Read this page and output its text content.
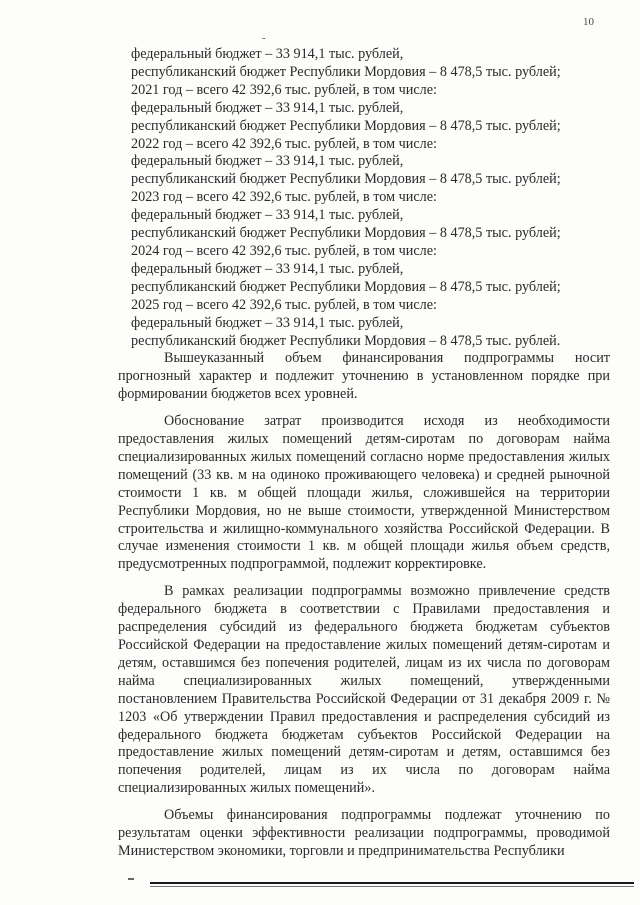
10
-
федеральный бюджет – 33 914,1 тыс. рублей,
республиканский бюджет Республики Мордовия – 8 478,5 тыс. рублей;
2021 год – всего 42 392,6 тыс. рублей, в том числе:
федеральный бюджет – 33 914,1 тыс. рублей,
республиканский бюджет Республики Мордовия – 8 478,5 тыс. рублей;
2022 год – всего 42 392,6 тыс. рублей, в том числе:
федеральный бюджет – 33 914,1 тыс. рублей,
республиканский бюджет Республики Мордовия – 8 478,5 тыс. рублей;
2023 год – всего 42 392,6 тыс. рублей, в том числе:
федеральный бюджет – 33 914,1 тыс. рублей,
республиканский бюджет Республики Мордовия – 8 478,5 тыс. рублей;
2024 год – всего 42 392,6 тыс. рублей, в том числе:
федеральный бюджет – 33 914,1 тыс. рублей,
республиканский бюджет Республики Мордовия – 8 478,5 тыс. рублей;
2025 год – всего 42 392,6 тыс. рублей, в том числе:
федеральный бюджет – 33 914,1 тыс. рублей,
республиканский бюджет Республики Мордовия – 8 478,5 тыс. рублей.

Вышеуказанный объем финансирования подпрограммы носит прогнозный характер и подлежит уточнению в установленном порядке при формировании бюджетов всех уровней.

Обоснование затрат производится исходя из необходимости предоставления жилых помещений детям-сиротам по договорам найма специализированных жилых помещений согласно норме предоставления жилых помещений (33 кв. м на одиноко проживающего человека) и средней рыночной стоимости 1 кв. м общей площади жилья, сложившейся на территории Республики Мордовия, но не выше стоимости, утвержденной Министерством строительства и жилищно-коммунального хозяйства Российской Федерации. В случае изменения стоимости 1 кв. м общей площади жилья объем средств, предусмотренных подпрограммой, подлежит корректировке.

В рамках реализации подпрограммы возможно привлечение средств федерального бюджета в соответствии с Правилами предоставления и распределения субсидий из федерального бюджета бюджетам субъектов Российской Федерации на предоставление жилых помещений детям-сиротам и детям, оставшимся без попечения родителей, лицам из их числа по договорам найма специализированных жилых помещений, утвержденными постановлением Правительства Российской Федерации от 31 декабря 2009 г. № 1203 «Об утверждении Правил предоставления и распределения субсидий из федерального бюджета бюджетам субъектов Российской Федерации на предоставление жилых помещений детям-сиротам и детям, оставшимся без попечения родителей, лицам из их числа по договорам найма специализированных жилых помещений».

Объемы финансирования подпрограммы подлежат уточнению по результатам оценки эффективности реализации подпрограммы, проводимой Министерством экономики, торговли и предпринимательства Республики
